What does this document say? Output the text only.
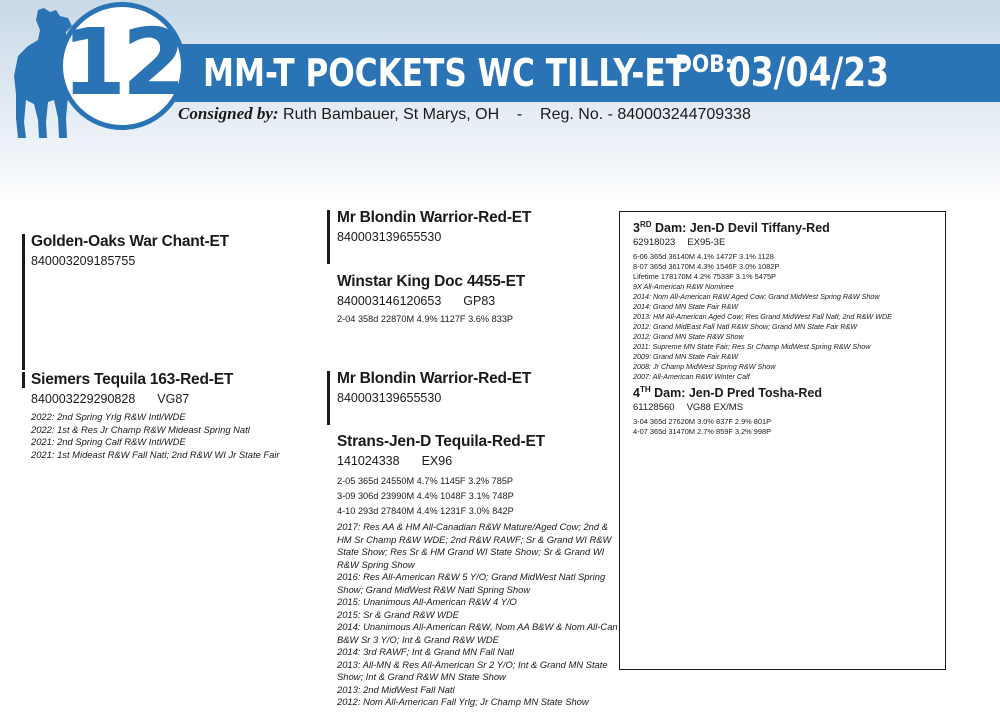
12 MM-T POCKETS WC TILLY-ET
DOB:
03/04/23
Consigned by: Ruth Bambauer, St Marys, OH - Reg. No. - 840003244709338
Golden-Oaks War Chant-ET
840003209185755
Siemers Tequila 163-Red-ET
840003229290828 VG87
2022: 2nd Spring Yrlg R&W Intl/WDE
2022: 1st & Res Jr Champ R&W Mideast Spring Natl
2021: 2nd Spring Calf R&W Intl/WDE
2021: 1st Mideast R&W Fall Natl; 2nd R&W WI Jr State Fair
Mr Blondin Warrior-Red-ET
840003139655530
Winstar King Doc 4455-ET
840003146120653 GP83
2-04 358d 22870M 4.9% 1127F 3.6% 833P
Mr Blondin Warrior-Red-ET
840003139655530
Strans-Jen-D Tequila-Red-ET
141024338 EX96
2-05 365d 24550M 4.7% 1145F 3.2% 785P
3-09 306d 23990M 4.4% 1048F 3.1% 748P
4-10 293d 27840M 4.4% 1231F 3.0% 842P
2017: Res AA & HM All-Canadian R&W Mature/Aged Cow; 2nd & HM Sr Champ R&W WDE; 2nd R&W RAWF; Sr & Grand WI R&W State Show; Res Sr & HM Grand WI State Show; Sr & Grand WI R&W Spring Show
2016: Res All-American R&W 5 Y/O; Grand MidWest Natl Spring Show; Grand MidWest R&W Natl Spring Show
2015: Unanimous All-American R&W 4 Y/O
2015: Sr & Grand R&W WDE
2014: Unanimous All-American R&W, Nom AA B&W & Nom All-Can B&W Sr 3 Y/O; Int & Grand R&W WDE
2014: 3rd RAWF; Int & Grand MN Fall Natl
2013: All-MN & Res All-American Sr 2 Y/O; Int & Grand MN State Show; Int & Grand R&W MN State Show
2013: 2nd MidWest Fall Natl
2012: Nom All-American Fall Yrlg; Jr Champ MN State Show
3RD Dam: Jen-D Devil Tiffany-Red
62918023 EX95-3E
6-06 365d 36140M 4.1% 1472F 3.1% 1128
8-07 365d 36170M 4.3% 1546F 3.0% 1082P
Lifetime 178170M 4.2% 7533F 3.1% 5475P
9X All-American R&W Nominee
2014: Nom All-American R&W Aged Cow; Grand MidWest Spring R&W Show
2014: Grand MN State Fair R&W
2013: HM All-American Aged Cow; Res Grand MidWest Fall Natl; 2nd R&W WDE
2012: Grand MidEast Fall Natl R&W Show; Grand MN State Fair R&W
2012: Grand MN State R&W Show
2011: Supreme MN State Fair; Res Sr Champ MidWest Spring R&W Show
2009: Grand MN State Fair R&W
2008: Jr Champ MidWest Spring R&W Show
2007: All-American R&W Winter Calf
4TH Dam: Jen-D Pred Tosha-Red
61128560 VG88 EX/MS
3-04 365d 27620M 3.0% 837F 2.9% 801P
4-07 365d 31470M 2.7% 859F 3.2% 998P
